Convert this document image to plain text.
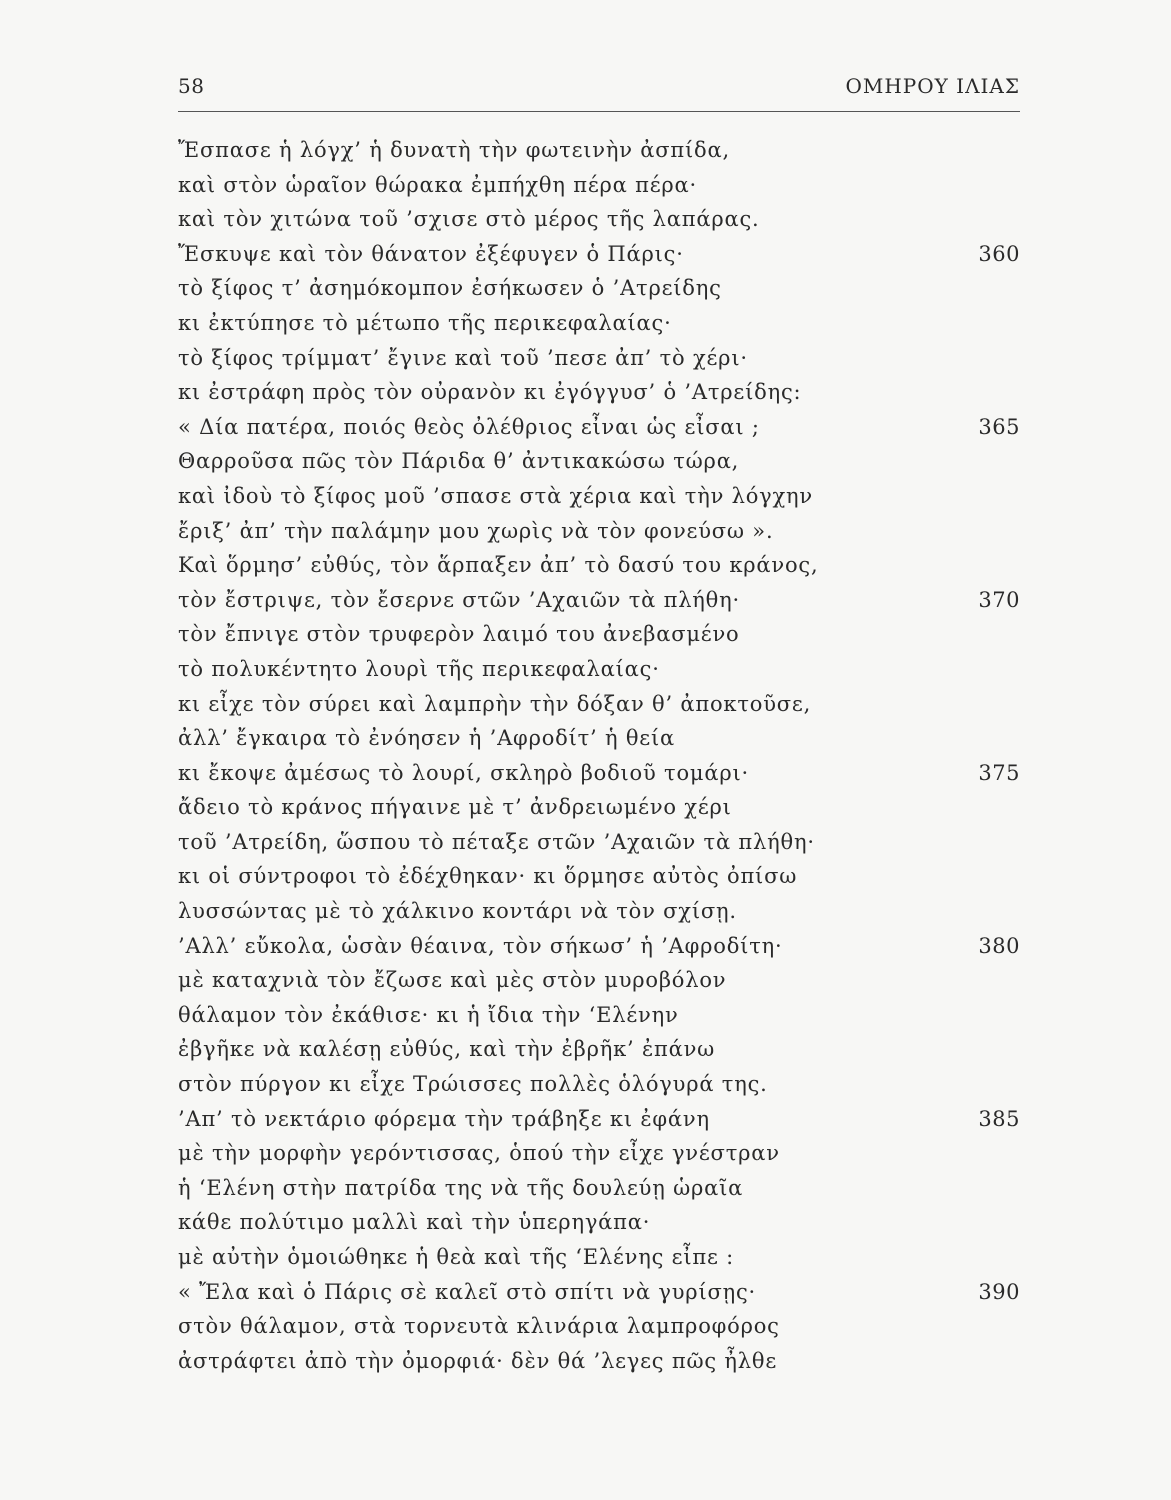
58	ΟΜΗΡΟΥ ΙΛΙΑΣ
Ἔσπασε ἡ λόγχ’ ἡ δυνατὴ τὴν φωτεινὴν ἀσπίδα,
καὶ στὸν ὡραῖον θώρακα ἐμπήχθη πέρα πέρα·
καὶ τὸν χιτώνα τοῦ ’σχισε στὸ μέρος τῆς λαπάρας.
Ἔσκυψε καὶ τὸν θάνατον ἐξέφυγεν ὁ Πάρις·	360
τὸ ξίφος τ’ ἀσημόκομπον ἐσήκωσεν ὁ ’Ατρείδης
κι ἐκτύπησε τὸ μέτωπο τῆς περικεφαλαίας·
τὸ ξίφος τρίμματ’ ἔγινε καὶ τοῦ ’πεσε ἀπ’ τὸ χέρι·
κι ἐστράφη πρὸς τὸν οὐρανὸν κι ἐγόγγυσ’ ὁ ’Ατρείδης:
« Δία πατέρα, ποιός θεὸς ὀλέθριος εἶναι ὡς εἶσαι ;	365
Θαρροῦσα πῶς τὸν Πάριδα θ’ ἀντικακώσω τώρα,
καὶ ἰδοὺ τὸ ξίφος μοῦ ’σπασε στὰ χέρια καὶ τὴν λόγχην
ἔριξ’ ἀπ’ τὴν παλάμην μου χωρὶς νὰ τὸν φονεύσω ».
Καὶ ὅρμησ’ εὐθύς, τὸν ἅρπαξεν ἀπ’ τὸ δασύ του κράνος,
τὸν ἔστριψε, τὸν ἔσερνε στῶν ’Αχαιῶν τὰ πλήθη·	370
τὸν ἔπνιγε στὸν τρυφερὸν λαιμό του ἀνεβασμένο
τὸ πολυκέντητο λουρὶ τῆς περικεφαλαίας·
κι εἶχε τὸν σύρει καὶ λαμπρὴν τὴν δόξαν θ’ ἀποκτοῦσε,
ἀλλ’ ἔγκαιρα τὸ ἐνόησεν ἡ ’Αφροδίτ’ ἡ θεία
κι ἔκοψε ἀμέσως τὸ λουρί, σκληρὸ βοδιοῦ τομάρι·	375
ἄδειο τὸ κράνος πήγαινε μὲ τ’ ἀνδρειωμένο χέρι
τοῦ ’Ατρείδη, ὥσπου τὸ πέταξε στῶν ’Αχαιῶν τὰ πλήθη·
κι οἱ σύντροφοι τὸ ἐδέχθηκαν· κι ὅρμησε αὐτὸς ὀπίσω
λυσσώντας μὲ τὸ χάλκινο κοντάρι νὰ τὸν σχίσῃ.
’Αλλ’ εὔκολα, ὡσὰν θέαινα, τὸν σήκωσ’ ἡ ’Αφροδίτη·	380
μὲ καταχνιὰ τὸν ἔζωσε καὶ μὲς στὸν μυροβόλον
θάλαμον τὸν ἐκάθισε· κι ἡ ἴδια τὴν ‘Ελένην
ἐβγῆκε νὰ καλέσῃ εὐθύς, καὶ τὴν ἐβρῆκ’ ἐπάνω
στὸν πύργον κι εἶχε Τρώισσες πολλὲς ὁλόγυρά της.
’Απ’ τὸ νεκτάριο φόρεμα τὴν τράβηξε κι ἐφάνη	385
μὲ τὴν μορφὴν γερόντισσας, ὁπού τὴν εἶχε γνέστραν
ἡ ‘Ελένη στὴν πατρίδα της νὰ τῆς δουλεύῃ ὡραῖα
κάθε πολύτιμο μαλλὶ καὶ τὴν ὑπερηγάπα·
μὲ αὐτὴν ὁμοιώθηκε ἡ θεὰ καὶ τῆς ‘Ελένης εἶπε :
« Ἔλα καὶ ὁ Πάρις σὲ καλεῖ στὸ σπίτι νὰ γυρίσῃς·	390
στὸν θάλαμον, στὰ τορνευτὰ κλινάρια λαμπροφόρος
ἀστράφτει ἀπὸ τὴν ὀμορφιά· δὲν θά ’λεγες πῶς ἦλθε
